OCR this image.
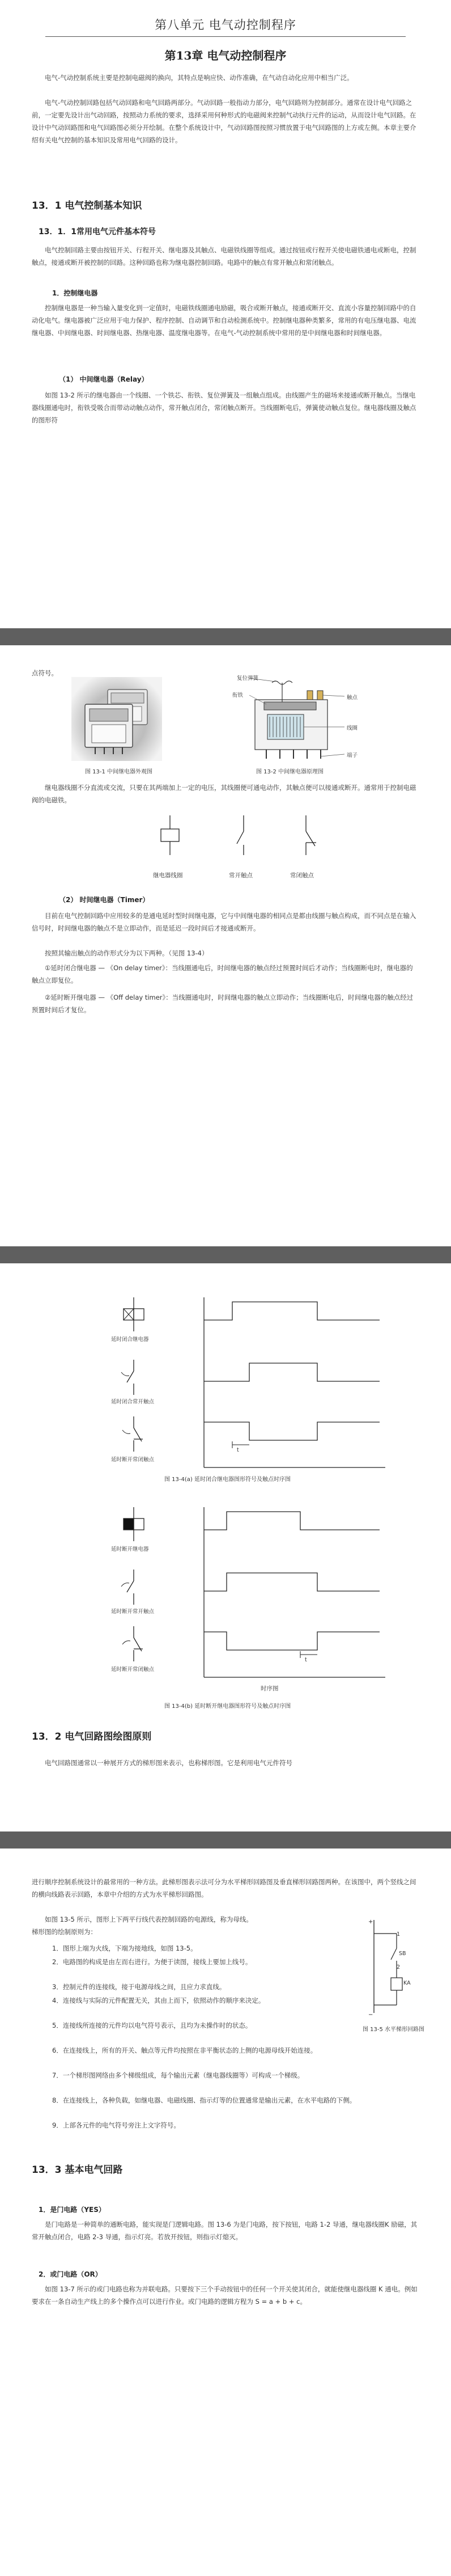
第八单元 电气动控制程序
第13章 电气动控制程序

电气-气动控制系统主要是控制电磁阀的换向，其特点是响应快、动作准确，在气动自动化应用中相当广泛。

电气-气动控制回路包括气动回路和电气回路两部分。气动回路一般指动力部分，电气回路则为控制部分。通常在设计电气回路之前，一定要先设计出气动回路，按照动力系统的要求，选择采用何种形式的电磁阀来控制气动执行元件的运动，从而设计电气回路。在设计中气动回路图和电气回路图必须分开绘制。在整个系统设计中，气动回路图按照习惯放置于电气回路图的上方或左侧。本章主要介绍有关电气控制的基本知识及常用电气回路的设计。

13．1 电气控制基本知识
13．1．1常用电气元件基本符号

电气控制回路主要由按钮开关、行程开关、继电器及其触点、电磁铁线圈等组成。通过按钮或行程开关使电磁铁通电或断电，控制触点，接通或断开被控制的回路。这种回路也称为继电器控制回路。电路中的触点有常开触点和常闭触点。

1．控制继电器

控制继电器是一种当输入量变化到一定值时，电磁铁线圈通电励磁，吸合或断开触点，接通或断开交、直流小容量控制回路中的自动化电气。继电器被广泛应用于电力保护、程序控制、自动调节和自动检测系统中。控制继电器种类繁多，常用的有电压继电器、电流继电器、中间继电器、时间继电器、热继电器、温度继电器等。在电气-气动控制系统中常用的是中间继电器和时间继电器。

（1） 中间继电器（Relay）

如图 13-2 所示的继电器由一个线圈、一个铁芯、衔铁、复位弹簧及一组触点组成。由线圈产生的磁场来接通或断开触点。当继电器线圈通电时，衔铁受吸合而带动动触点动作，常开触点闭合，常闭触点断开。当线圈断电后，弹簧使动触点复位。继电器线圈及触点的图形符

点符号。

图 13-1 中间继电器外观图
复位弹簧
衔铁	触点
线圈
端子
图 13-2 中间继电器原理图

继电器线圈不分直流或交流，只要在其两端加上一定的电压，其线圈便可通电动作，其触点便可以接通或断开。通常用于控制电磁阀的电磁铁。

继电器线圈	常开触点	常闭触点
（2） 时间继电器（Timer）

目前在电气控制回路中应用较多的是通电延时型时间继电器，它与中间继电器的相同点是都由线圈与触点构成，而不同点是在输入信号时，时间继电器的触点不是立即动作，而是延迟一段时间后才接通或断开。

按照其输出触点的动作形式分为以下两种。（见图 13-4）

①延时闭合继电器 — 《On delay timer》：当线圈通电后，时间继电器的触点经过预置时间后才动作；当线圈断电时，继电器的触点立即复位。

②延时断开继电器 — 《Off delay timer》：当线圈通电时，时间继电器的触点立即动作；当线圈断电后，时间继电器的触点经过预置时间后才复位。

延时闭合继电器
延时闭合常开触点
延时断开常闭触点
t
图 13-4(a) 延时闭合继电器图形符号及触点时序图
延时断开继电器
延时断开常开触点
延时断开常闭触点
t
时序图
图 13-4(b) 延时断开继电器图形符号及触点时序图
13．2 电气回路图绘图原则

电气回路图通常以一种展开方式的梯形图来表示，也称梯形图。它是利用电气元件符号

进行顺序控制系统设计的最常用的一种方法。此梯形图表示法可分为水平梯形回路图及垂直梯形回路图两种。在该图中，两个竖线之间的横向线路表示回路，本章中介绍的方式为水平梯形回路图。

如图 13-5 所示，图形上下两平行线代表控制回路的电源线，称为母线。

梯形图的绘制原则为：

1．图形上端为火线，下端为接地线，如图 13-5。
2．电路图的构成是由左而右进行。为便于读图，接线上要加上线号。
3．控制元件的连接线，接于电源母线之间，且应力求直线。
4．连接线与实际的元件配置无关，其由上而下，依照动作的顺序来决定。
5．连接线所连接的元件均以电气符号表示，且均为未操作时的状态。
6．在连接线上，所有的开关、触点等元件均按照在非平衡状态的上侧的电源母线开始连接。
7．一个梯形图网络由多个梯级组成，每个输出元素（继电器线圈等）可构成一个梯级。
8．在连接线上，各种负载，如继电器、电磁线圈、指示灯等的位置通常是输出元素，在水平电路的下侧。
9．上部各元件的电气符号旁注上文字符号。
+
−
1
2
SB
KA
图 13-5 水平梯形回路图
13．3 基本电气回路
1．是门电路（YES）

是门电路是一种简单的通断电路，能实现是门逻辑电路。图 13-6 为是门电路，按下按钮，电路 1-2 导通，继电器线圈K 励磁，其常开触点闭合，电路 2-3 导通，指示灯亮。若放开按钮，则指示灯熄灭。

2．或门电路（OR）

如图 13-7 所示的或门电路也称为并联电路。只要按下三个手动按钮中的任何一个开关使其闭合，就能使继电器线圈 K 通电。例如要求在一条自动生产线上的多个操作点可以进行作业。或门电路的逻辑方程为 S = a + b + c。
